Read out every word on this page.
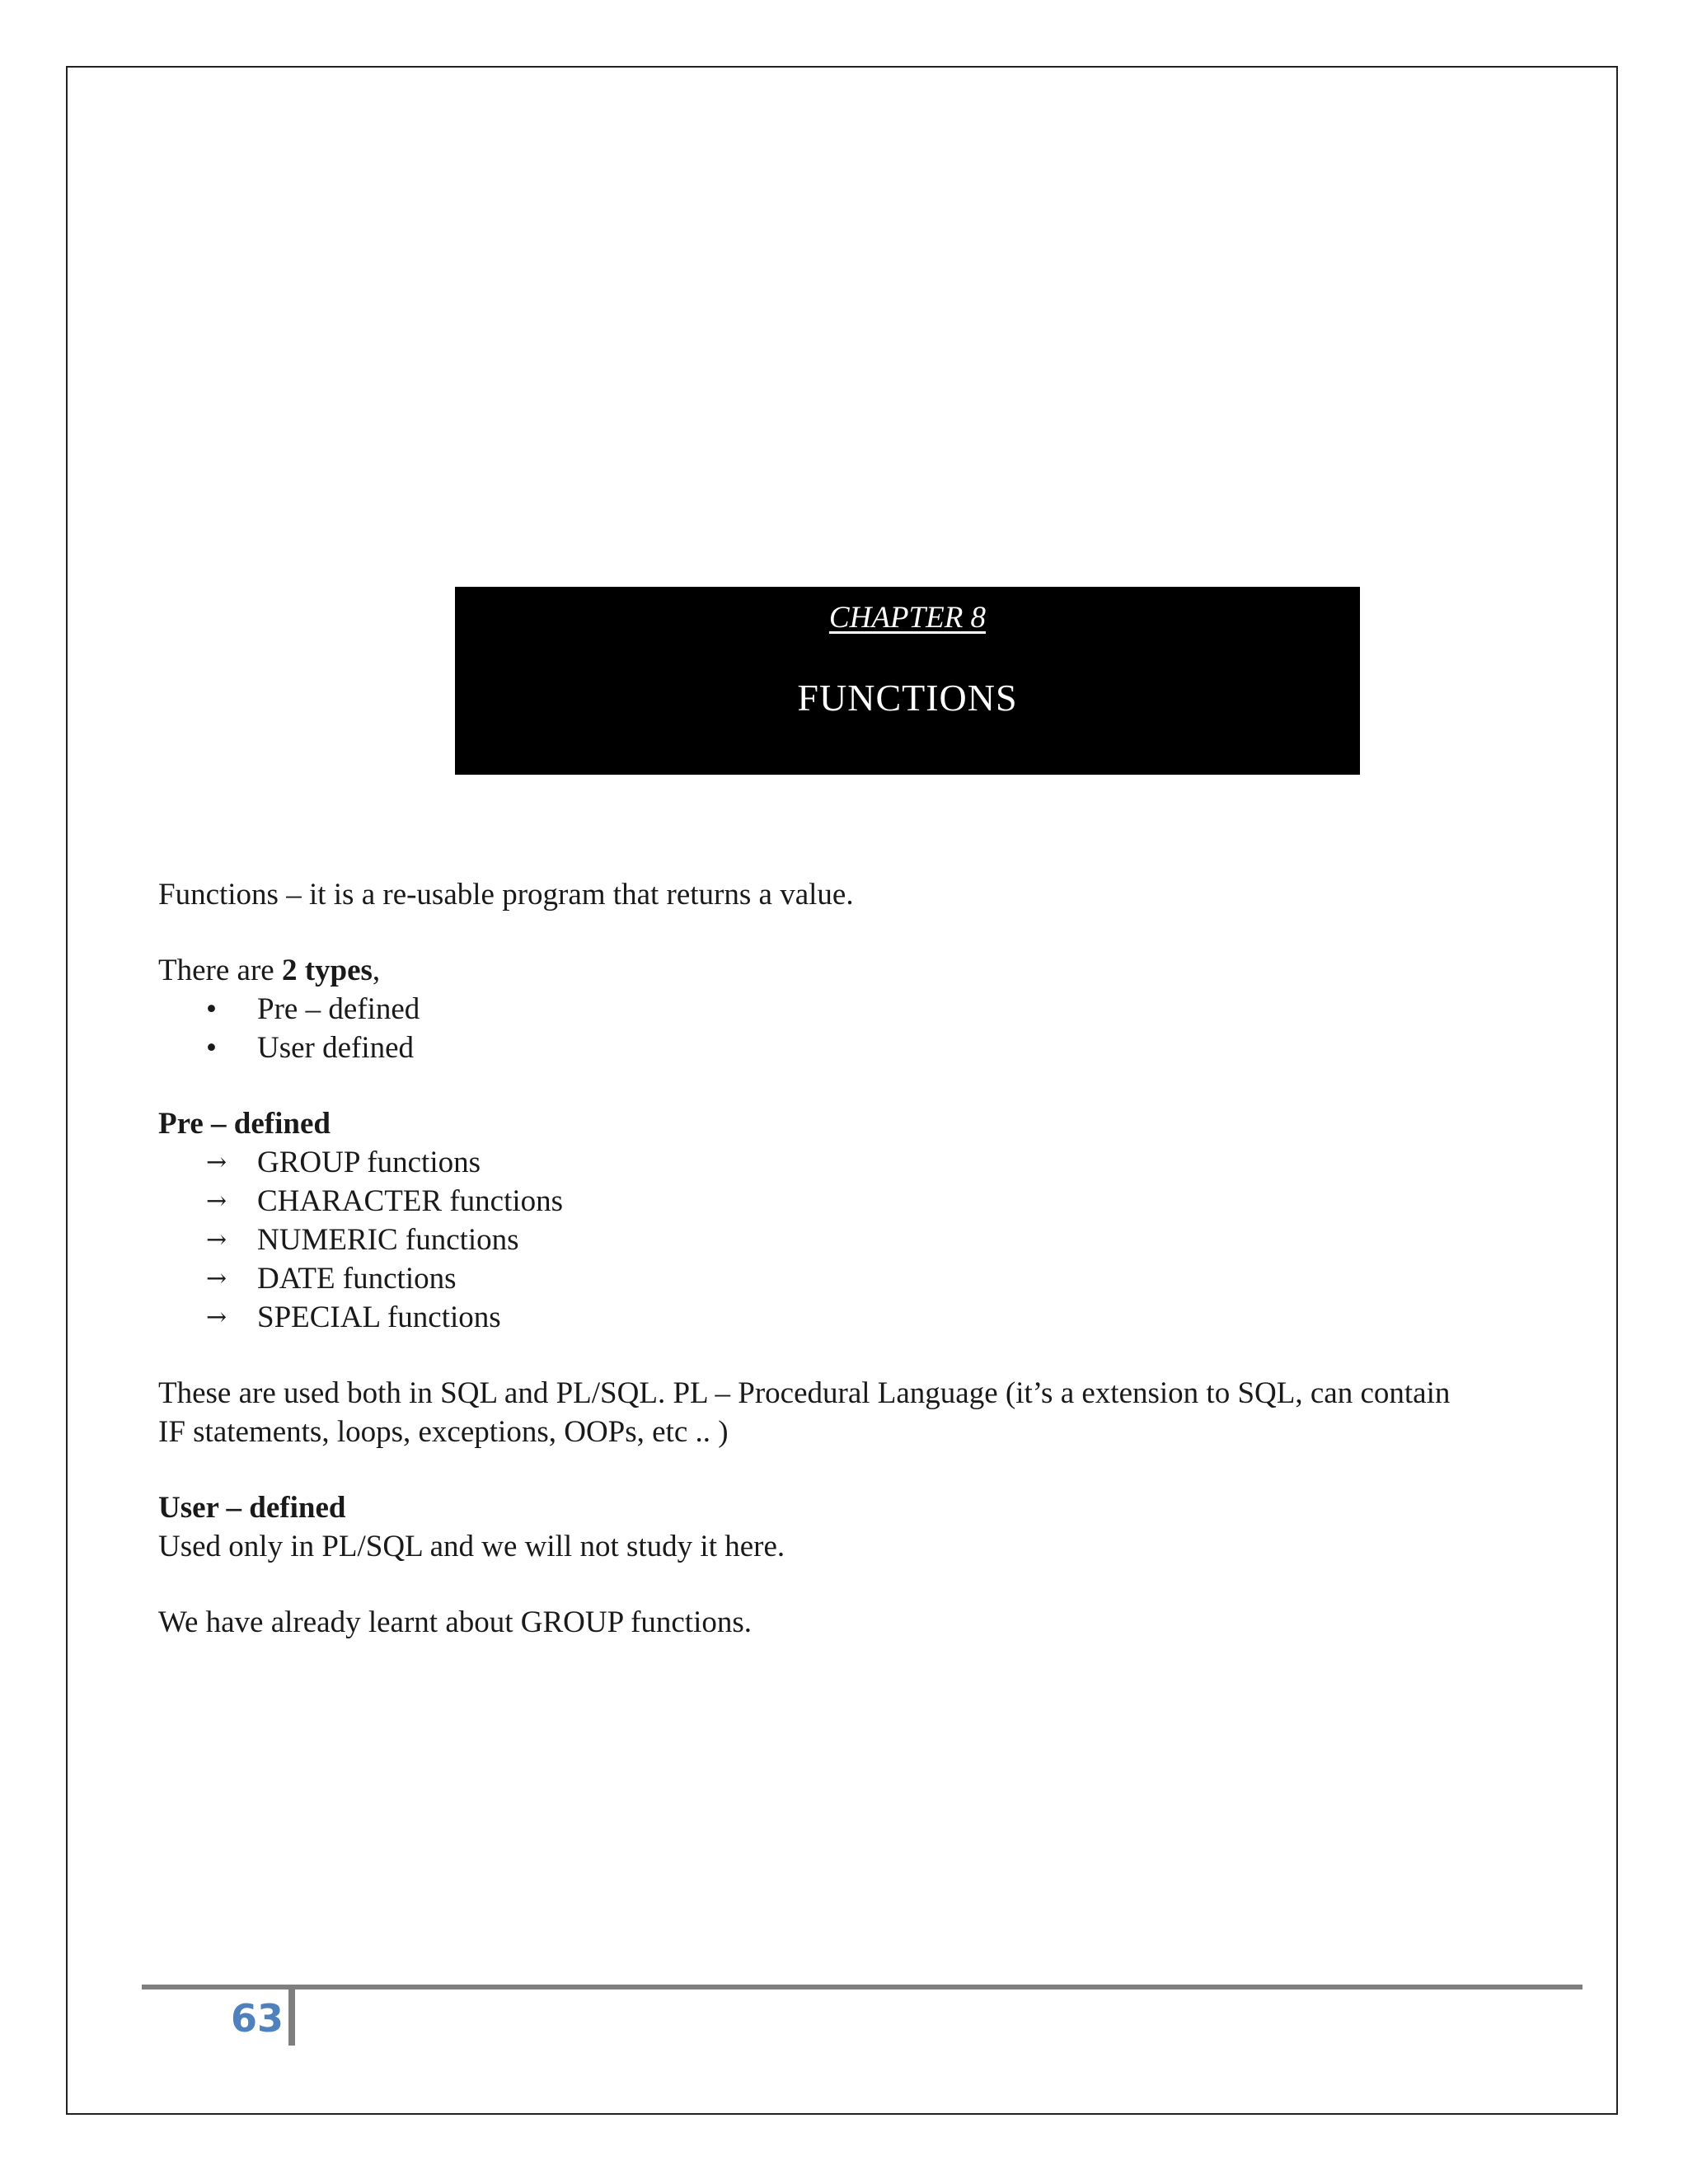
CHAPTER 8
FUNCTIONS

Functions – it is a re-usable program that returns a value.

There are 2 types,

• Pre – defined
• User defined

Pre – defined

→ GROUP functions
→ CHARACTER functions
→ NUMERIC functions
→ DATE functions
→ SPECIAL functions

These are used both in SQL and PL/SQL. PL – Procedural Language (it’s a extension to SQL, can contain

IF statements, loops, exceptions, OOPs, etc .. )

User – defined

Used only in PL/SQL and we will not study it here.

We have already learnt about GROUP functions.

63
